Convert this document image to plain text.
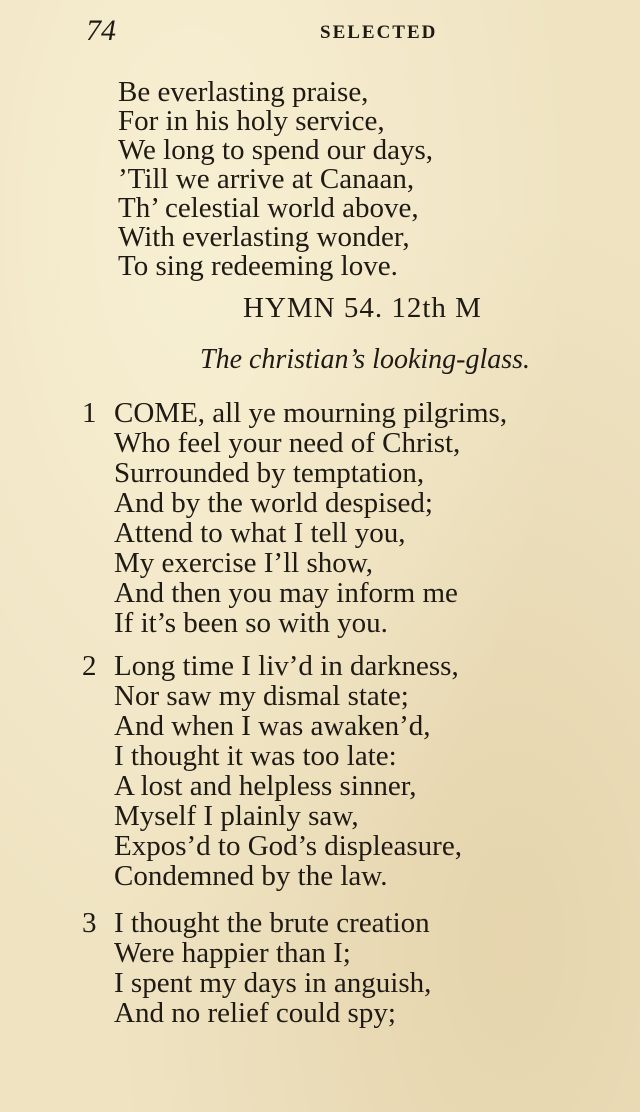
74	SELECTED
Be everlasting praise,
For in his holy service,
We long to spend our days,
’Till we arrive at Canaan,
Th’ celestial world above,
With everlasting wonder,
To sing redeeming love.
HYMN 54. 12th M
The christian’s looking-glass.
1 COME, all ye mourning pilgrims,
Who feel your need of Christ,
Surrounded by temptation,
And by the world despised;
Attend to what I tell you,
My exercise I’ll show,
And then you may inform me
If it’s been so with you.
2 Long time I liv’d in darkness,
Nor saw my dismal state;
And when I was awaken’d,
I thought it was too late:
A lost and helpless sinner,
Myself I plainly saw,
Expos’d to God’s displeasure,
Condemned by the law.
3 I thought the brute creation
Were happier than I;
I spent my days in anguish,
And no relief could spy;
